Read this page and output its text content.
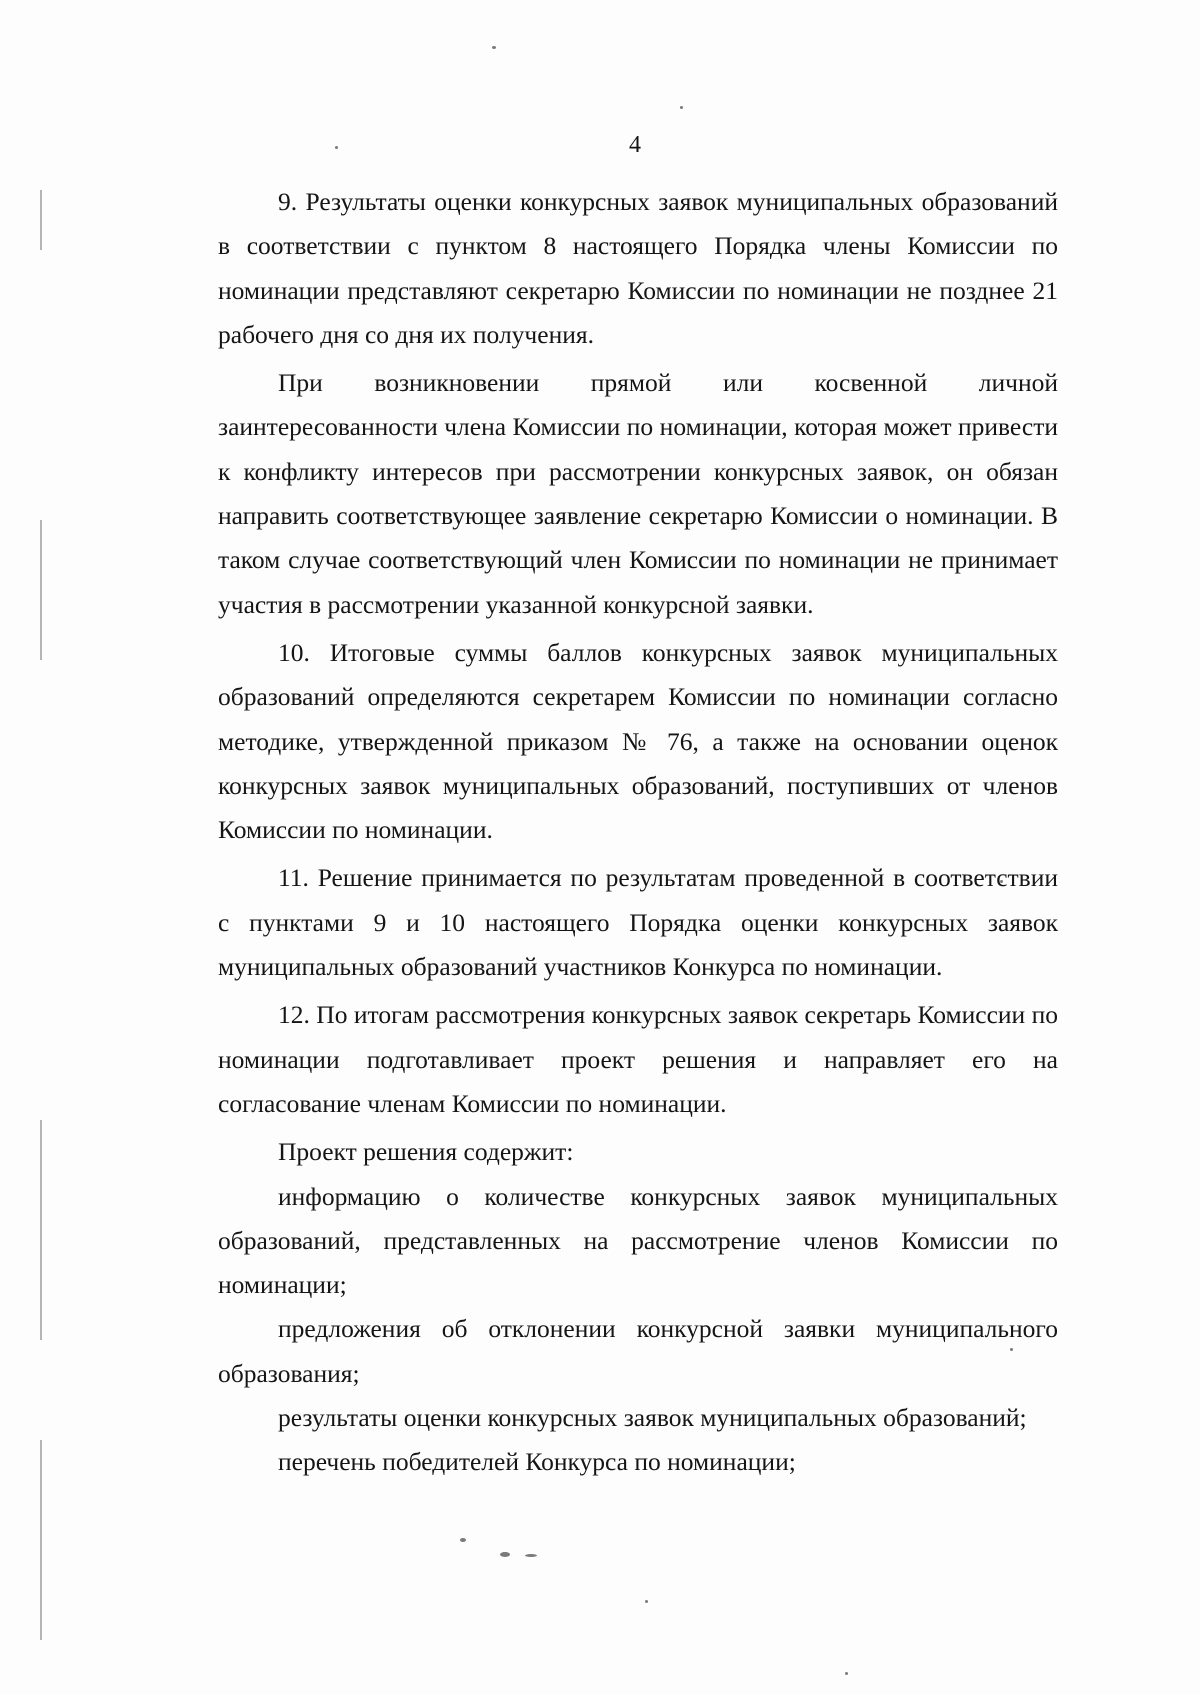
4

9. Результаты оценки конкурсных заявок муниципальных образований в соответствии с пунктом 8 настоящего Порядка члены Комиссии по номинации представляют секретарю Комиссии по номинации не позднее 21 рабочего дня со дня их получения.

При возникновении прямой или косвенной личной заинтересованности члена Комиссии по номинации, которая может привести к конфликту интересов при рассмотрении конкурсных заявок, он обязан направить соответствующее заявление секретарю Комиссии о номинации. В таком случае соответствующий член Комиссии по номинации не принимает участия в рассмотрении указанной конкурсной заявки.

10. Итоговые суммы баллов конкурсных заявок муниципальных образований определяются секретарем Комиссии по номинации согласно методике, утвержденной приказом № 76, а также на основании оценок конкурсных заявок муниципальных образований, поступивших от членов Комиссии по номинации.

11. Решение принимается по результатам проведенной в соответствии с пунктами 9 и 10 настоящего Порядка оценки конкурсных заявок муниципальных образований участников Конкурса по номинации.

12. По итогам рассмотрения конкурсных заявок секретарь Комиссии по номинации подготавливает проект решения и направляет его на согласование членам Комиссии по номинации.

Проект решения содержит:

информацию о количестве конкурсных заявок муниципальных образований, представленных на рассмотрение членов Комиссии по номинации;

предложения об отклонении конкурсной заявки муниципального образования;

результаты оценки конкурсных заявок муниципальных образований;

перечень победителей Конкурса по номинации;
